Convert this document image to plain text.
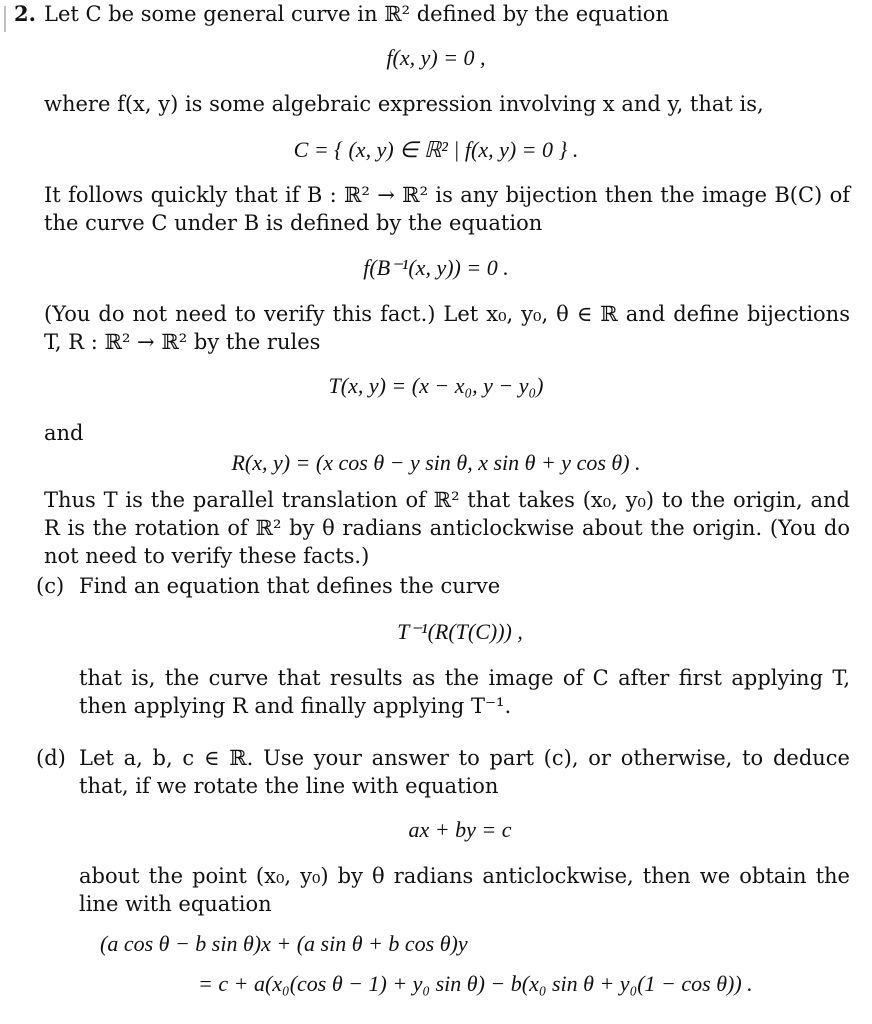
2. Let C be some general curve in ℝ² defined by the equation

f(x, y) = 0 ,

where f(x, y) is some algebraic expression involving x and y, that is,

C = { (x, y) ∈ ℝ² | f(x, y) = 0 } .

It follows quickly that if B : ℝ² → ℝ² is any bijection then the image B(C) of the curve C under B is defined by the equation

f(B⁻¹(x, y)) = 0 .

(You do not need to verify this fact.) Let x₀, y₀, θ ∈ ℝ and define bijections T, R : ℝ² → ℝ² by the rules

T(x, y) = (x − x₀, y − y₀)

and

R(x, y) = (x cos θ − y sin θ, x sin θ + y cos θ) .

Thus T is the parallel translation of ℝ² that takes (x₀, y₀) to the origin, and R is the rotation of ℝ² by θ radians anticlockwise about the origin. (You do not need to verify these facts.)

(c) Find an equation that defines the curve

T⁻¹(R(T(C))) ,

that is, the curve that results as the image of C after first applying T, then applying R and finally applying T⁻¹.

(d) Let a, b, c ∈ ℝ. Use your answer to part (c), or otherwise, to deduce that, if we rotate the line with equation

ax + by = c

about the point (x₀, y₀) by θ radians anticlockwise, then we obtain the line with equation

(a cos θ − b sin θ)x + (a sin θ + b cos θ)y
= c + a(x₀(cos θ − 1) + y₀ sin θ) − b(x₀ sin θ + y₀(1 − cos θ)) .
